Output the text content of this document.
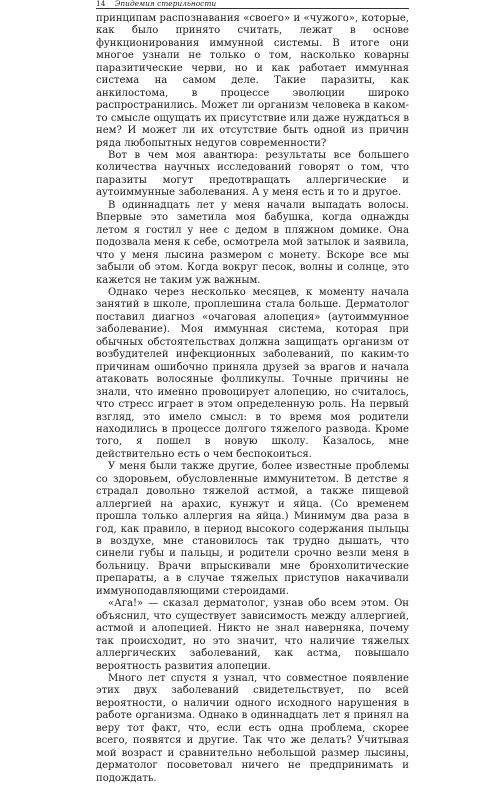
14 Эпидемия стерильности

принципам распознавания «своего» и «чужого», которые, как было принято считать, лежат в основе функционирования иммунной системы. В итоге они многое узнали не только о том, насколько коварны паразитические черви, но и как работает иммунная система на самом деле. Такие паразиты, как анкилостома, в процессе эволюции широко распространились. Может ли организм человека в каком-то смысле ощущать их присутствие или даже нуждаться в нем? И может ли их отсутствие быть одной из причин ряда любопытных недугов современности?

Вот в чем моя авантюра: результаты все большего количества научных исследований говорят о том, что паразиты могут предотвращать аллергические и аутоиммунные заболевания. А у меня есть и то и другое.

В одиннадцать лет у меня начали выпадать волосы. Впервые это заметила моя бабушка, когда однажды летом я гостил у нее с дедом в пляжном домике. Она подозвала меня к себе, осмотрела мой затылок и заявила, что у меня лысина размером с монету. Вскоре все мы забыли об этом. Когда вокруг песок, волны и солнце, это кажется не таким уж важным.

Однако через несколько месяцев, к моменту начала занятий в школе, проплешина стала больше. Дерматолог поставил диагноз «очаговая алопеция» (аутоиммунное заболевание). Моя иммунная система, которая при обычных обстоятельствах должна защищать организм от возбудителей инфекционных заболеваний, по каким-то причинам ошибочно приняла друзей за врагов и начала атаковать волосяные фолликулы. Точные причины не знали, что именно провоцирует алопецию, но считалось, что стресс играет в этом определенную роль. На первый взгляд, это имело смысл: в то время моя родители находились в процессе долгого тяжелого развода. Кроме того, я пошел в новую школу. Казалось, мне действительно есть о чем беспокоиться.

У меня были также другие, более известные проблемы со здоровьем, обусловленные иммунитетом. В детстве я страдал довольно тяжелой астмой, а также пищевой аллергией на арахис, кунжут и яйца. (Со временем прошла только аллергия на яйца.) Минимум два раза в год, как правило, в период высокого содержания пыльцы в воздухе, мне становилось так трудно дышать, что синели губы и пальцы, и родители срочно везли меня в больницу. Врачи впрыскивали мне бронхолитические препараты, а в случае тяжелых приступов накачивали иммуноподавляющими стероидами.

«Ага!» — сказал дерматолог, узнав обо всем этом. Он объяснил, что существует зависимость между аллергией, астмой и алопецией. Никто не знал наверняка, почему так происходит, но это значит, что наличие тяжелых аллергических заболеваний, как астма, повышало вероятность развития алопеции.

Много лет спустя я узнал, что совместное появление этих двух заболеваний свидетельствует, по всей вероятности, о наличии одного исходного нарушения в работе организма. Однако в одиннадцать лет я принял на веру тот факт, что, если есть одна проблема, скорее всего, появятся и другие. Так что же делать? Учитывая мой возраст и сравнительно небольшой размер лысины, дерматолог посоветовал ничего не предпринимать и подождать.
